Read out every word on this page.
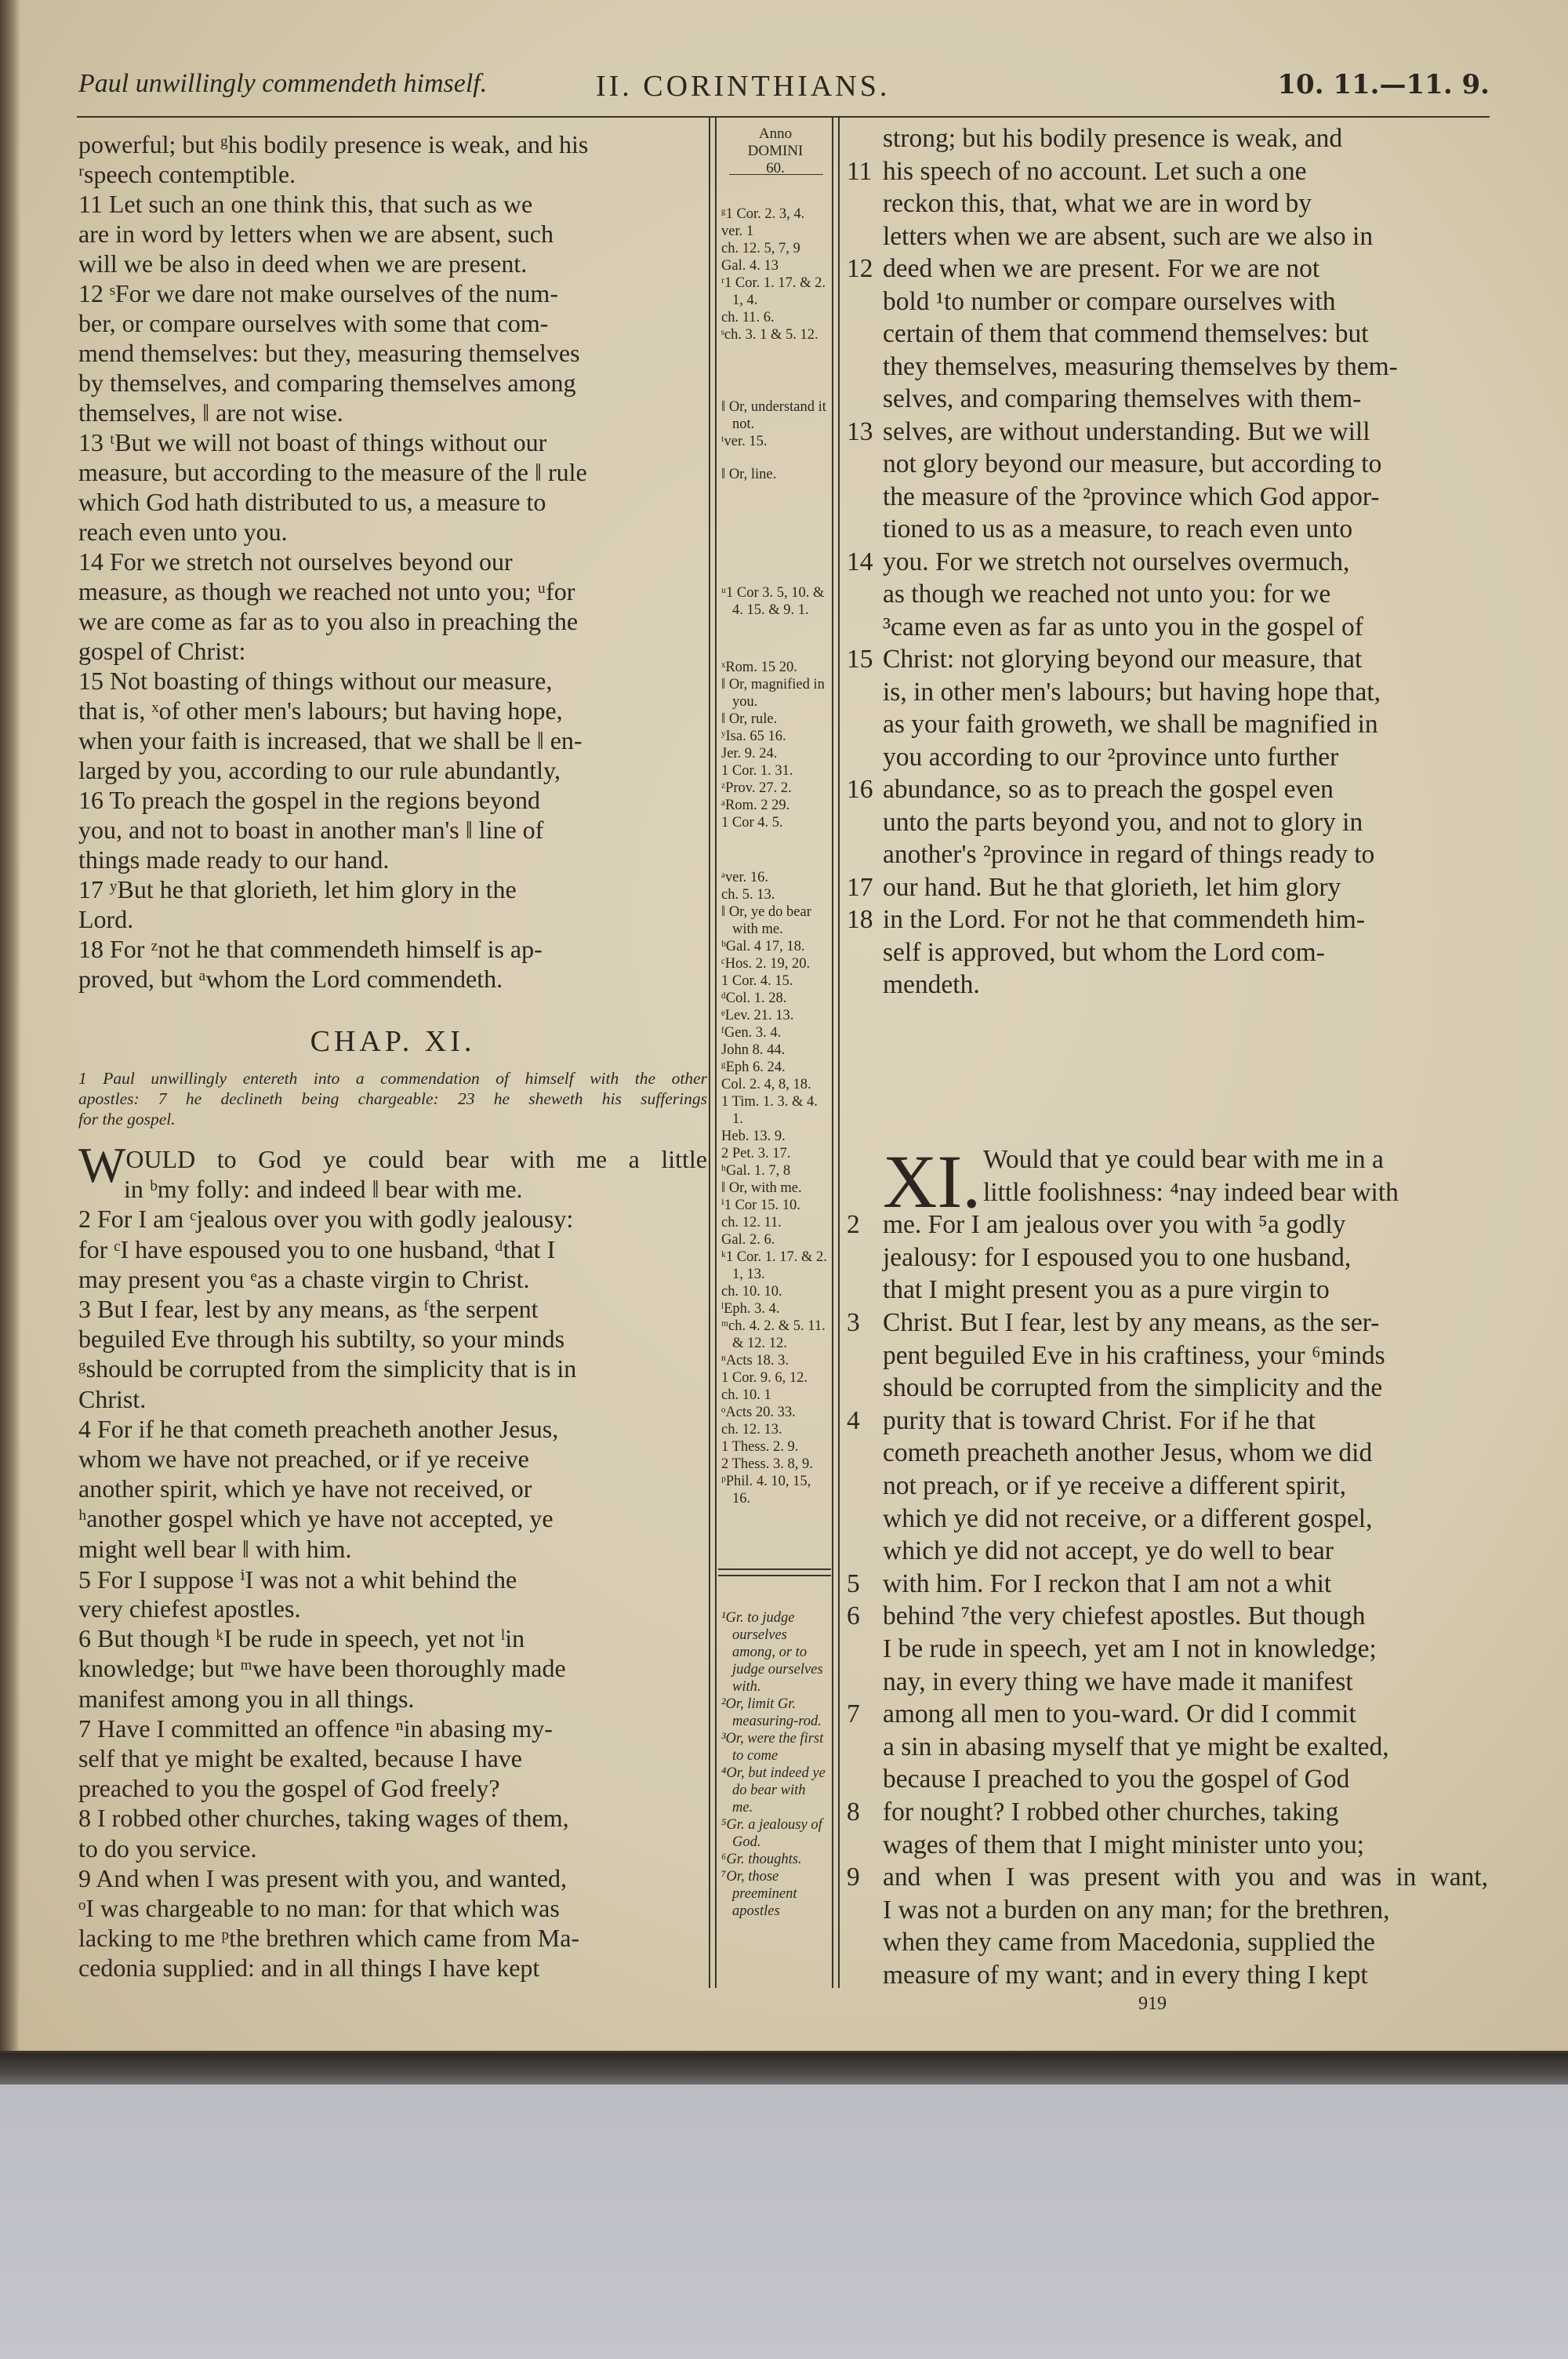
Paul unwillingly commendeth himself.	II. CORINTHIANS.	10. 11.—11. 9.
Anno
DOMINI
60.
ᵍ1 Cor. 2. 3, 4.
ver. 1
ch. 12. 5, 7, 9
Gal. 4. 13
ʳ1 Cor. 1. 17. & 2. 1, 4.
ch. 11. 6.
ˢch. 3. 1 & 5. 12.
‖ Or, understand it not.
ᵗver. 15.
‖ Or, line.
ᵘ1 Cor 3. 5, 10. & 4. 15. & 9. 1.
ˣRom. 15 20.
‖ Or, magnified in you.
‖ Or, rule.
ʸIsa. 65 16.
Jer. 9. 24.
1 Cor. 1. 31.
ᶻProv. 27. 2.
ᵃRom. 2 29.
1 Cor 4. 5.
ᵃver. 16.
ch. 5. 13.
‖ Or, ye do bear with me.
ᵇGal. 4 17, 18.
ᶜHos. 2. 19, 20.
1 Cor. 4. 15.
ᵈCol. 1. 28.
ᵉLev. 21. 13.
ᶠGen. 3. 4.
John 8. 44.
ᵍEph 6. 24.
Col. 2. 4, 8, 18.
1 Tim. 1. 3. & 4. 1.
Heb. 13. 9.
2 Pet. 3. 17.
ʰGal. 1. 7, 8
‖ Or, with me.
ⁱ1 Cor 15. 10.
ch. 12. 11.
Gal. 2. 6.
ᵏ1 Cor. 1. 17. & 2. 1, 13.
ch. 10. 10.
ˡEph. 3. 4.
ᵐch. 4. 2. & 5. 11. & 12. 12.
ⁿActs 18. 3.
1 Cor. 9. 6, 12.
ch. 10. 1
ᵒActs 20. 33.
ch. 12. 13.
1 Thess. 2. 9.
2 Thess. 3. 8, 9.
ᵖPhil. 4. 10, 15, 16.
¹Gr. to judge ourselves among, or to judge ourselves with.
²Or, limit Gr. measuring-rod.
³Or, were the first to come
⁴Or, but indeed ye do bear with me.
⁵Gr. a jealousy of God.
⁶Gr. thoughts.
⁷Or, those preeminent apostles
powerful; but ᵍhis bodily presence is weak, and his
ʳspeech contemptible.
11 Let such an one think this, that such as we
are in word by letters when we are absent, such
will we be also in deed when we are present.
12 ˢFor we dare not make ourselves of the num-
ber, or compare ourselves with some that com-
mend themselves: but they, measuring themselves
by themselves, and comparing themselves among
themselves, ‖ are not wise.
13 ᵗBut we will not boast of things without our
measure, but according to the measure of the ‖ rule
which God hath distributed to us, a measure to
reach even unto you.
14 For we stretch not ourselves beyond our
measure, as though we reached not unto you; ᵘfor
we are come as far as to you also in preaching the
gospel of Christ:
15 Not boasting of things without our measure,
that is, ˣof other men's labours; but having hope,
when your faith is increased, that we shall be ‖ en-
larged by you, according to our rule abundantly,
16 To preach the gospel in the regions beyond
you, and not to boast in another man's ‖ line of
things made ready to our hand.
17 ʸBut he that glorieth, let him glory in the
Lord.
18 For ᶻnot he that commendeth himself is ap-
proved, but ᵃwhom the Lord commendeth.
WOULD to God ye could bear with me a little
in ᵇmy folly: and indeed ‖ bear with me.
2 For I am ᶜjealous over you with godly jealousy:
for ᶜI have espoused you to one husband, ᵈthat I
may present you ᵉas a chaste virgin to Christ.
3 But I fear, lest by any means, as ᶠthe serpent
beguiled Eve through his subtilty, so your minds
ᵍshould be corrupted from the simplicity that is in
Christ.
4 For if he that cometh preacheth another Jesus,
whom we have not preached, or if ye receive
another spirit, which ye have not received, or
ʰanother gospel which ye have not accepted, ye
might well bear ‖ with him.
5 For I suppose ⁱI was not a whit behind the
very chiefest apostles.
6 But though ᵏI be rude in speech, yet not ˡin
knowledge; but ᵐwe have been thoroughly made
manifest among you in all things.
7 Have I committed an offence ⁿin abasing my-
self that ye might be exalted, because I have
preached to you the gospel of God freely?
8 I robbed other churches, taking wages of them,
to do you service.
9 And when I was present with you, and wanted,
ᵒI was chargeable to no man: for that which was
lacking to me ᵖthe brethren which came from Ma-
cedonia supplied: and in all things I have kept
CHAP. XI.
1 Paul unwillingly entereth into a commendation of himself with the other
apostles: 7 he declineth being chargeable: 23 he sheweth his sufferings
for the gospel.
strong; but his bodily presence is weak, and
11 his speech of no account. Let such a one
reckon this, that, what we are in word by
letters when we are absent, such are we also in
12 deed when we are present. For we are not
bold ¹to number or compare ourselves with
certain of them that commend themselves: but
they themselves, measuring themselves by them-
selves, and comparing themselves with them-
13 selves, are without understanding. But we will
not glory beyond our measure, but according to
the measure of the ²province which God appor-
tioned to us as a measure, to reach even unto
14 you. For we stretch not ourselves overmuch,
as though we reached not unto you: for we
³came even as far as unto you in the gospel of
15 Christ: not glorying beyond our measure, that
is, in other men's labours; but having hope that,
as your faith groweth, we shall be magnified in
you according to our ²province unto further
16 abundance, so as to preach the gospel even
unto the parts beyond you, and not to glory in
another's ²province in regard of things ready to
17 our hand. But he that glorieth, let him glory
18 in the Lord. For not he that commendeth him-
self is approved, but whom the Lord com-
mendeth.
Would that ye could bear with me in a
little foolishness: ⁴nay indeed bear with
2 me. For I am jealous over you with ⁵a godly
jealousy: for I espoused you to one husband,
that I might present you as a pure virgin to
3 Christ. But I fear, lest by any means, as the ser-
pent beguiled Eve in his craftiness, your ⁶minds
should be corrupted from the simplicity and the
4 purity that is toward Christ. For if he that
cometh preacheth another Jesus, whom we did
not preach, or if ye receive a different spirit,
which ye did not receive, or a different gospel,
which ye did not accept, ye do well to bear
5 with him. For I reckon that I am not a whit
6 behind ⁷the very chiefest apostles. But though
I be rude in speech, yet am I not in knowledge;
nay, in every thing we have made it manifest
7 among all men to you-ward. Or did I commit
a sin in abasing myself that ye might be exalted,
because I preached to you the gospel of God
8 for nought? I robbed other churches, taking
wages of them that I might minister unto you;
9 and when I was present with you and was in want,
I was not a burden on any man; for the brethren,
when they came from Macedonia, supplied the
measure of my want; and in every thing I kept
XI.
919
